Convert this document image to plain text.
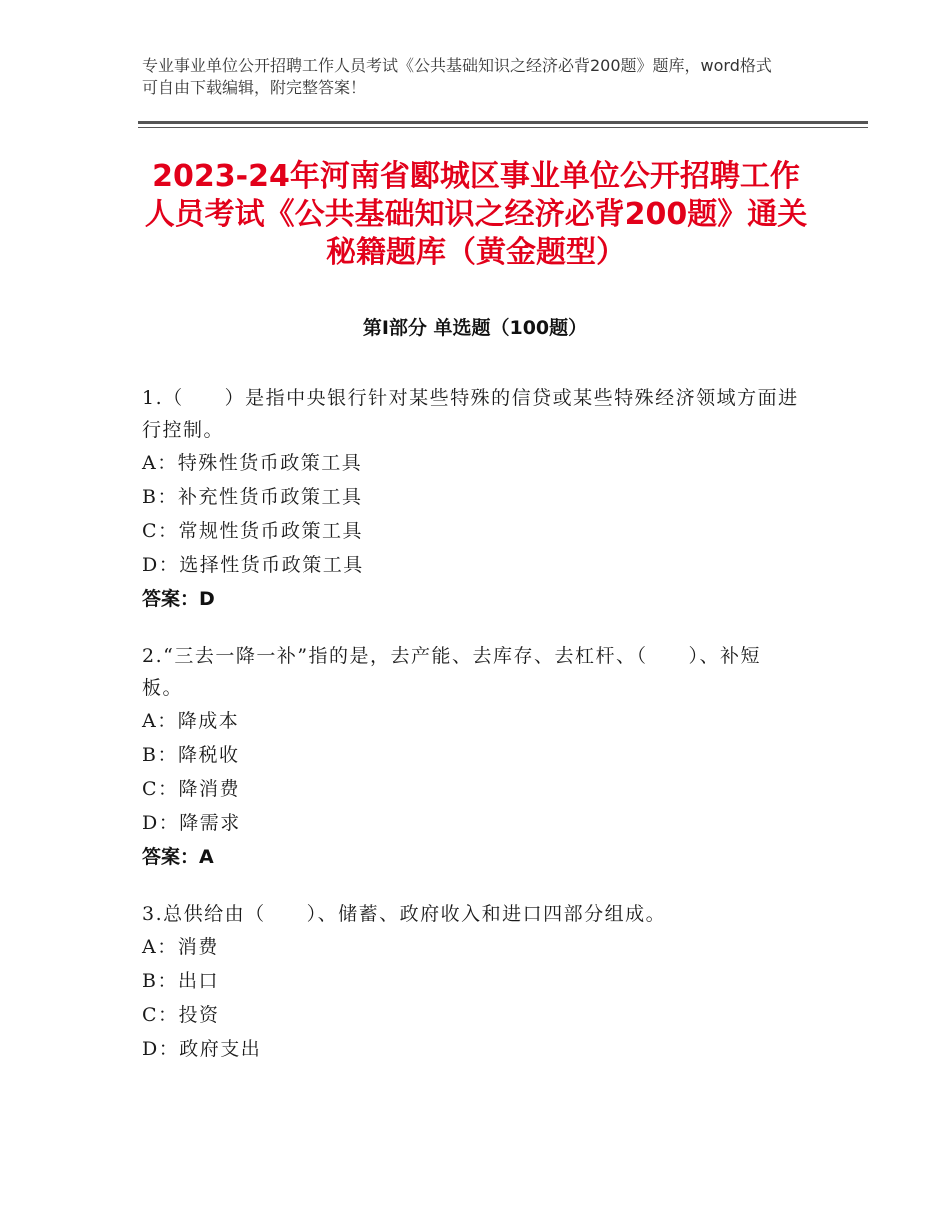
专业事业单位公开招聘工作人员考试《公共基础知识之经济必背200题》题库，word格式可自由下载编辑，附完整答案！
2023-24年河南省郾城区事业单位公开招聘工作人员考试《公共基础知识之经济必背200题》通关秘籍题库（黄金题型）
第Ⅰ部分 单选题（100题）
1.（　　）是指中央银行针对某些特殊的信贷或某些特殊经济领域方面进行控制。
A：特殊性货币政策工具
B：补充性货币政策工具
C：常规性货币政策工具
D：选择性货币政策工具
答案：D
2.“三去一降一补”指的是，去产能、去库存、去杠杆、（　　）、补短板。
A：降成本
B：降税收
C：降消费
D：降需求
答案：A
3.总供给由（　　）、储蓄、政府收入和进口四部分组成。
A：消费
B：出口
C：投资
D：政府支出
